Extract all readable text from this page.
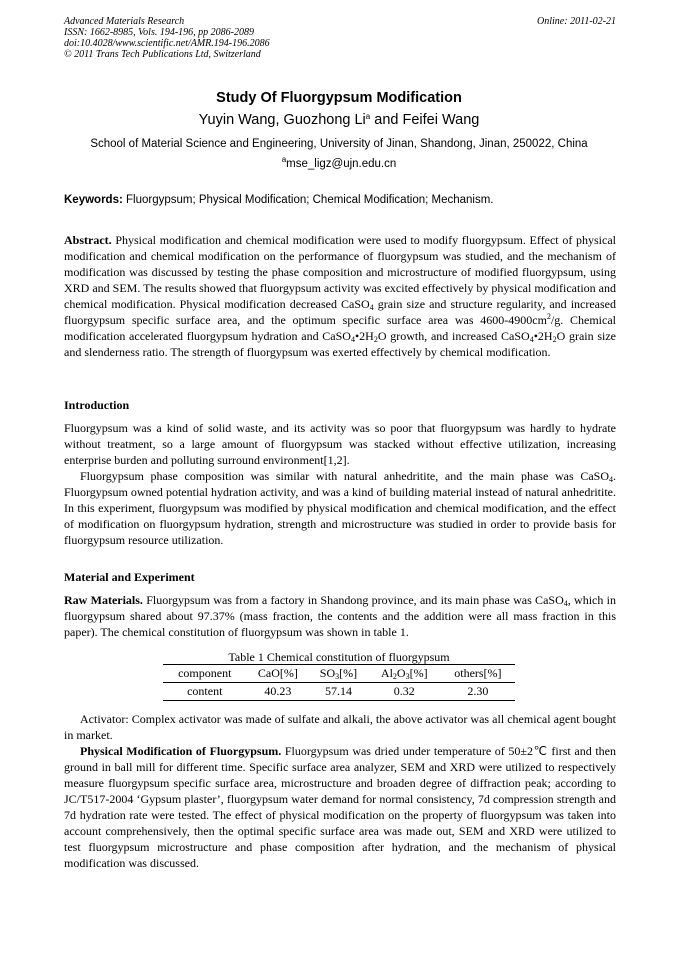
Advanced Materials Research
ISSN: 1662-8985, Vols. 194-196, pp 2086-2089
doi:10.4028/www.scientific.net/AMR.194-196.2086
© 2011 Trans Tech Publications Ltd, Switzerland
Online: 2011-02-21
Study Of Fluorgypsum Modification
Yuyin Wang, Guozhong Li$^a$ and Feifei Wang
School of Material Science and Engineering, University of Jinan, Shandong, Jinan, 250022, China
$^a$mse_ligz@ujn.edu.cn
Keywords: Fluorgypsum; Physical Modification; Chemical Modification; Mechanism.
Abstract. Physical modification and chemical modification were used to modify fluorgypsum. Effect of physical modification and chemical modification on the performance of fluorgypsum was studied, and the mechanism of modification was discussed by testing the phase composition and microstructure of modified fluorgypsum, using XRD and SEM. The results showed that fluorgypsum activity was excited effectively by physical modification and chemical modification. Physical modification decreased CaSO$_4$ grain size and structure regularity, and increased fluorgypsum specific surface area, and the optimum specific surface area was $4600-4900cm^2/g$. Chemical modification accelerated fluorgypsum hydration and $CaSO_4•2H_2O$ growth, and increased $CaSO_4•2H_2O$ grain size and slenderness ratio. The strength of fluorgypsum was exerted effectively by chemical modification.
Introduction
Fluorgypsum was a kind of solid waste, and its activity was so poor that fluorgypsum was hardly to hydrate without treatment, so a large amount of fluorgypsum was stacked without effective utilization, increasing enterprise burden and polluting surround environment[1,2].
Fluorgypsum phase composition was similar with natural anhedritite, and the main phase was CaSO$_4$. Fluorgypsum owned potential hydration activity, and was a kind of building material instead of natural anhedritite. In this experiment, fluorgypsum was modified by physical modification and chemical modification, and the effect of modification on fluorgypsum hydration, strength and microstructure was studied in order to provide basis for fluorgypsum resource utilization.
Material and Experiment
Raw Materials. Fluorgypsum was from a factory in Shandong province, and its main phase was CaSO$_4$, which in fluorgypsum shared about 97.37% (mass fraction, the contents and the addition were all mass fraction in this paper). The chemical constitution of fluorgypsum was shown in table 1.
Table 1 Chemical constitution of fluorgypsum
component	CaO[%]	$SO_3[\%]$	$Al_2O_3[\%]$	others[%]
content	40.23	57.14	0.32	2.30
Activator: Complex activator was made of sulfate and alkali, the above activator was all chemical agent bought in market.
Physical Modification of Fluorgypsum. Fluorgypsum was dried under temperature of 50±2℃ first and then ground in ball mill for different time. Specific surface area analyzer, SEM and XRD were utilized to respectively measure fluorgypsum specific surface area, microstructure and broaden degree of diffraction peak; according to JC/T517-2004 ‘Gypsum plaster’, fluorgypsum water demand for normal consistency, 7d compression strength and 7d hydration rate were tested. The effect of physical modification on the property of fluorgypsum was taken into account comprehensively, then the optimal specific surface area was made out, SEM and XRD were utilized to test fluorgypsum microstructure and phase composition after hydration, and the mechanism of physical modification was discussed.
